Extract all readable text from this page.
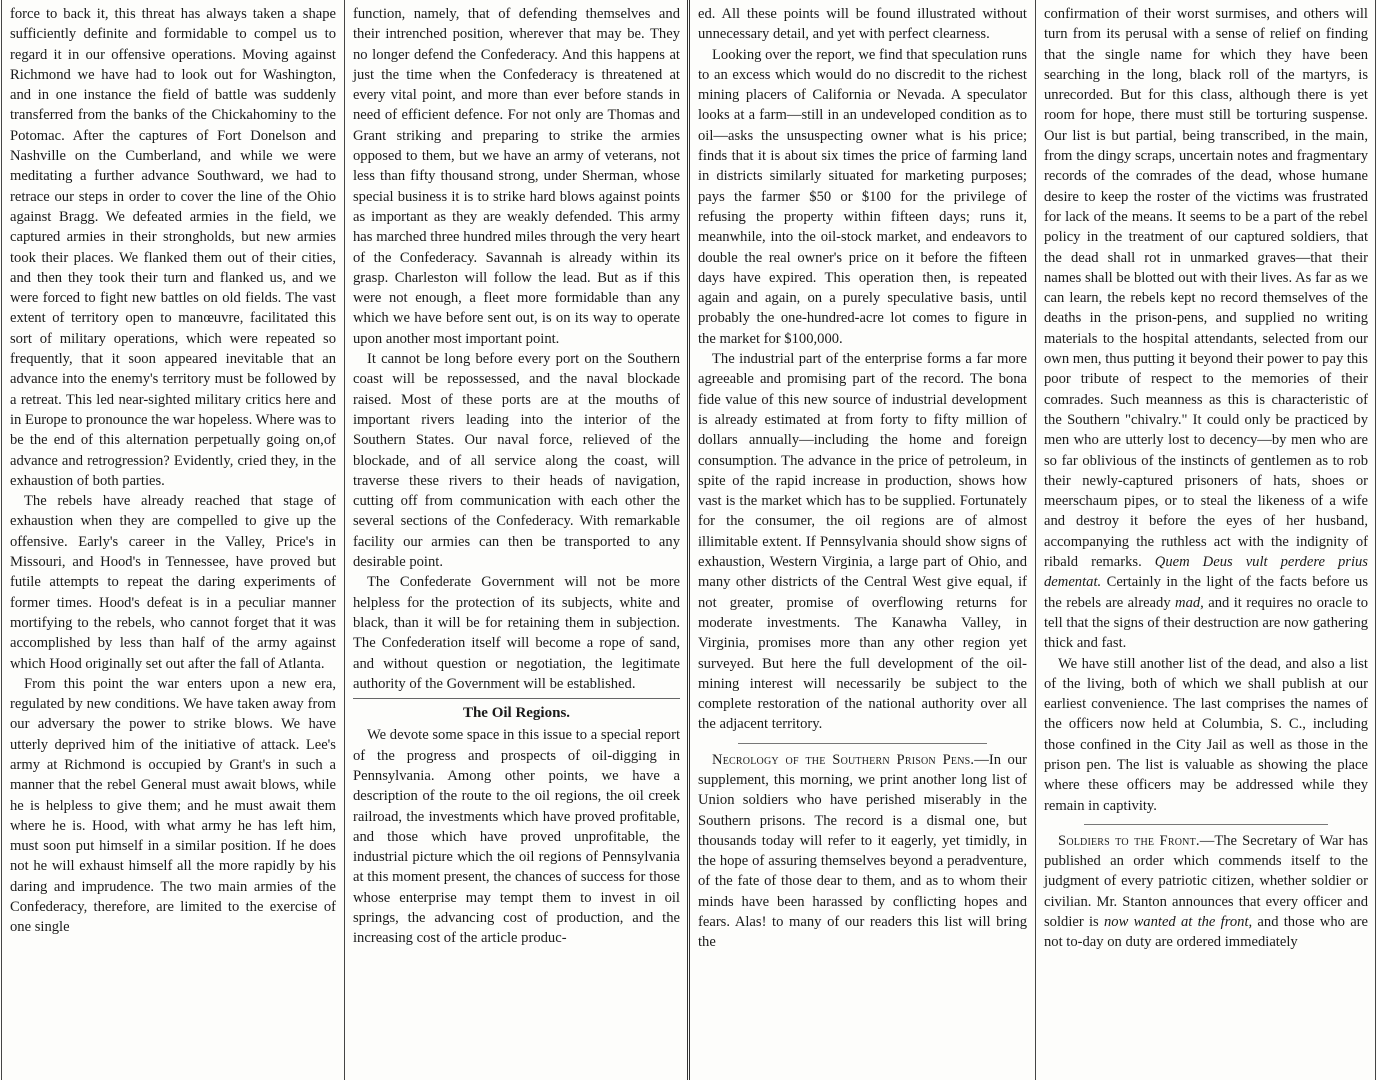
force to back it, this threat has always taken a shape sufficiently definite and formidable to compel us to regard it in our offensive operations. Moving against Richmond we have had to look out for Washington, and in one instance the field of battle was suddenly transferred from the banks of the Chickahominy to the Potomac. After the captures of Fort Donelson and Nashville on the Cumberland, and while we were meditating a further advance Southward, we had to retrace our steps in order to cover the line of the Ohio against Bragg. We defeated armies in the field, we captured armies in their strongholds, but new armies took their places. We flanked them out of their cities, and then they took their turn and flanked us, and we were forced to fight new battles on old fields. The vast extent of territory open to manœuvre, facilitated this sort of military operations, which were repeated so frequently, that it soon appeared inevitable that an advance into the enemy's territory must be followed by a retreat. This led near-sighted military critics here and in Europe to pronounce the war hopeless. Where was to be the end of this alternation perpetually going on,of advance and retrogression? Evidently, cried they, in the exhaustion of both parties.

The rebels have already reached that stage of exhaustion when they are compelled to give up the offensive. Early's career in the Valley, Price's in Missouri, and Hood's in Tennessee, have proved but futile attempts to repeat the daring experiments of former times. Hood's defeat is in a peculiar manner mortifying to the rebels, who cannot forget that it was accomplished by less than half of the army against which Hood originally set out after the fall of Atlanta.

From this point the war enters upon a new era, regulated by new conditions. We have taken away from our adversary the power to strike blows. We have utterly deprived him of the initiative of attack. Lee's army at Richmond is occupied by Grant's in such a manner that the rebel General must await blows, while he is helpless to give them; and he must await them where he is. Hood, with what army he has left him, must soon put himself in a similar position. If he does not he will exhaust himself all the more rapidly by his daring and imprudence. The two main armies of the Confederacy, therefore, are limited to the exercise of one single

function, namely, that of defending themselves and their intrenched position, wherever that may be. They no longer defend the Confederacy. And this happens at just the time when the Confederacy is threatened at every vital point, and more than ever before stands in need of efficient defence. For not only are Thomas and Grant striking and preparing to strike the armies opposed to them, but we have an army of veterans, not less than fifty thousand strong, under Sherman, whose special business it is to strike hard blows against points as important as they are weakly defended. This army has marched three hundred miles through the very heart of the Confederacy. Savannah is already within its grasp. Charleston will follow the lead. But as if this were not enough, a fleet more formidable than any which we have before sent out, is on its way to operate upon another most important point.

It cannot be long before every port on the Southern coast will be repossessed, and the naval blockade raised. Most of these ports are at the mouths of important rivers leading into the interior of the Southern States. Our naval force, relieved of the blockade, and of all service along the coast, will traverse these rivers to their heads of navigation, cutting off from communication with each other the several sections of the Confederacy. With remarkable facility our armies can then be transported to any desirable point.

The Confederate Government will not be more helpless for the protection of its subjects, white and black, than it will be for retaining them in subjection. The Confederation itself will become a rope of sand, and without question or negotiation, the legitimate authority of the Government will be established.

The Oil Regions.

We devote some space in this issue to a special report of the progress and prospects of oil-digging in Pennsylvania. Among other points, we have a description of the route to the oil regions, the oil creek railroad, the investments which have proved profitable, and those which have proved unprofitable, the industrial picture which the oil regions of Pennsylvania at this moment present, the chances of success for those whose enterprise may tempt them to invest in oil springs, the advancing cost of production, and the increasing cost of the article produc-

ed. All these points will be found illustrated without unnecessary detail, and yet with perfect clearness.

Looking over the report, we find that speculation runs to an excess which would do no discredit to the richest mining placers of California or Nevada. A speculator looks at a farm—still in an undeveloped condition as to oil—asks the unsuspecting owner what is his price; finds that it is about six times the price of farming land in districts similarly situated for marketing purposes; pays the farmer $50 or $100 for the privilege of refusing the property within fifteen days; runs it, meanwhile, into the oil-stock market, and endeavors to double the real owner's price on it before the fifteen days have expired. This operation then, is repeated again and again, on a purely speculative basis, until probably the one-hundred-acre lot comes to figure in the market for $100,000.

The industrial part of the enterprise forms a far more agreeable and promising part of the record. The bona fide value of this new source of industrial development is already estimated at from forty to fifty million of dollars annually—including the home and foreign consumption. The advance in the price of petroleum, in spite of the rapid increase in production, shows how vast is the market which has to be supplied. Fortunately for the consumer, the oil regions are of almost illimitable extent. If Pennsylvania should show signs of exhaustion, Western Virginia, a large part of Ohio, and many other districts of the Central West give equal, if not greater, promise of overflowing returns for moderate investments. The Kanawha Valley, in Virginia, promises more than any other region yet surveyed. But here the full development of the oil-mining interest will necessarily be subject to the complete restoration of the national authority over all the adjacent territory.

Necrology of the Southern Prison Pens.—In our supplement, this morning, we print another long list of Union soldiers who have perished miserably in the Southern prisons. The record is a dismal one, but thousands today will refer to it eagerly, yet timidly, in the hope of assuring themselves beyond a peradventure, of the fate of those dear to them, and as to whom their minds have been harassed by conflicting hopes and fears. Alas! to many of our readers this list will bring the

confirmation of their worst surmises, and others will turn from its perusal with a sense of relief on finding that the single name for which they have been searching in the long, black roll of the martyrs, is unrecorded. But for this class, although there is yet room for hope, there must still be torturing suspense. Our list is but partial, being transcribed, in the main, from the dingy scraps, uncertain notes and fragmentary records of the comrades of the dead, whose humane desire to keep the roster of the victims was frustrated for lack of the means. It seems to be a part of the rebel policy in the treatment of our captured soldiers, that the dead shall rot in unmarked graves—that their names shall be blotted out with their lives. As far as we can learn, the rebels kept no record themselves of the deaths in the prison-pens, and supplied no writing materials to the hospital attendants, selected from our own men, thus putting it beyond their power to pay this poor tribute of respect to the memories of their comrades. Such meanness as this is characteristic of the Southern "chivalry." It could only be practiced by men who are utterly lost to decency—by men who are so far oblivious of the instincts of gentlemen as to rob their newly-captured prisoners of hats, shoes or meerschaum pipes, or to steal the likeness of a wife and destroy it before the eyes of her husband, accompanying the ruthless act with the indignity of ribald remarks. Quem Deus vult perdere prius dementat. Certainly in the light of the facts before us the rebels are already mad, and it requires no oracle to tell that the signs of their destruction are now gathering thick and fast.

We have still another list of the dead, and also a list of the living, both of which we shall publish at our earliest convenience. The last comprises the names of the officers now held at Columbia, S. C., including those confined in the City Jail as well as those in the prison pen. The list is valuable as showing the place where these officers may be addressed while they remain in captivity.

Soldiers to the Front.—The Secretary of War has published an order which commends itself to the judgment of every patriotic citizen, whether soldier or civilian. Mr. Stanton announces that every officer and soldier is now wanted at the front, and those who are not to-day on duty are ordered immediately
